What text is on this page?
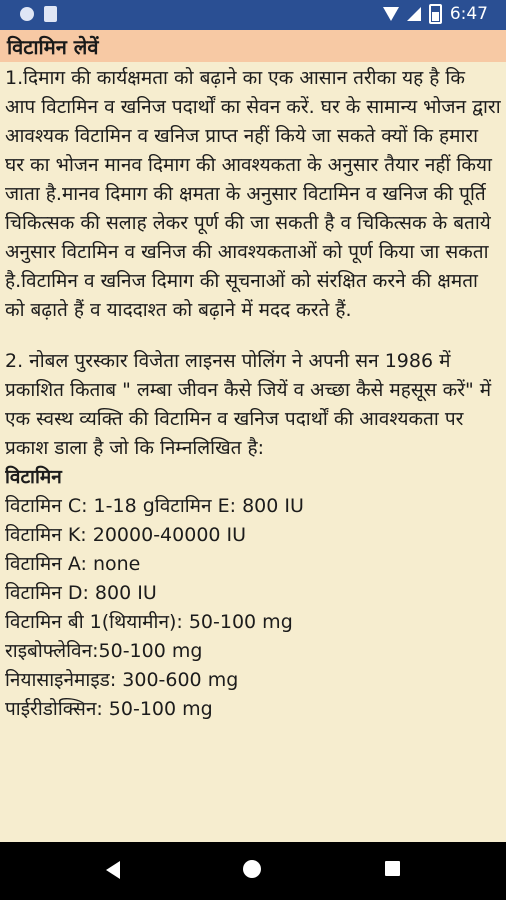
6:47
विटामिन लेवें

1.दिमाग की कार्यक्षमता को बढ़ाने का एक आसान तरीका यह है कि आप विटामिन व खनिज पदार्थों का सेवन करें. घर के सामान्य भोजन द्वारा आवश्यक विटामिन व खनिज प्राप्त नहीं किये जा सकते क्यों कि हमारा घर का भोजन मानव दिमाग की आवश्यकता के अनुसार तैयार नहीं किया जाता है.मानव दिमाग की क्षमता के अनुसार विटामिन व खनिज की पूर्ति चिकित्सक की सलाह लेकर पूर्ण की जा सकती है व चिकित्सक के बताये अनुसार विटामिन व खनिज की आवश्यकताओं को पूर्ण किया जा सकता है.विटामिन व खनिज दिमाग की सूचनाओं को संरक्षित करने की क्षमता को बढ़ाते हैं व याददाश्त को बढ़ाने में मदद करते हैं.

2. नोबल पुरस्कार विजेता लाइनस पोलिंग ने अपनी सन 1986 में प्रकाशित किताब " लम्बा जीवन कैसे जियें व अच्छा कैसे महसूस करें" में एक स्वस्थ व्यक्ति की विटामिन व खनिज पदार्थों की आवश्यकता पर प्रकाश डाला है जो कि निम्नलिखित है:

विटामिन

विटामिन C: 1-18 gविटामिन E: 800 IU

विटामिन K: 20000-40000 IU

विटामिन A: none

विटामिन D: 800 IU

विटामिन बी 1(थियामीन): 50-100 mg

राइबोफ्लेविन:50-100 mg

नियासाइनेमाइड: 300-600 mg

पाईरीडोक्सिन: 50-100 mg
